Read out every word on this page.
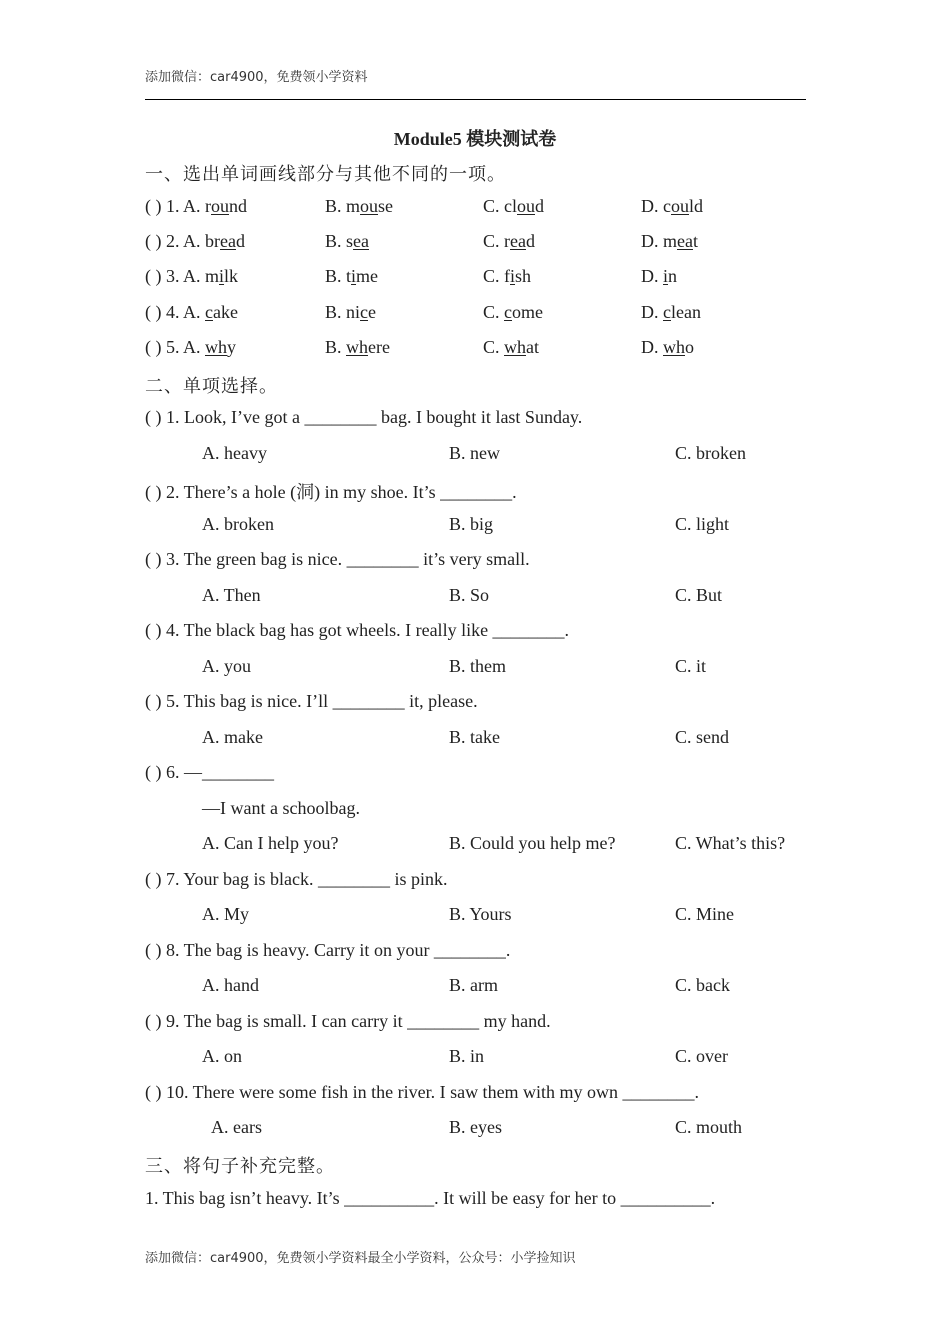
添加微信：car4900，免费领小学资料
Module5 模块测试卷
一、选出单词画线部分与其他不同的一项。
( ) 1. A. round	B. mouse	C. cloud	D. could
( ) 2. A. bread	B. sea	C. read	D. meat
( ) 3. A. milk	B. time	C. fish	D. in
( ) 4. A. cake	B. nice	C. come	D. clean
( ) 5. A. why	B. where	C. what	D. who
二、单项选择。
( ) 1. Look, I’ve got a ________ bag. I bought it last Sunday.
A. heavy	B. new	C. broken
( ) 2. There’s a hole (洞) in my shoe. It’s ________.
A. broken	B. big	C. light
( ) 3. The green bag is nice. ________ it’s very small.
A. Then	B. So	C. But
( ) 4. The black bag has got wheels. I really like ________.
A. you	B. them	C. it
( ) 5. This bag is nice. I’ll ________ it, please.
A. make	B. take	C. send
( ) 6. —________
—I want a schoolbag.
A. Can I help you?	B. Could you help me?	C. What’s this?
( ) 7. Your bag is black. ________ is pink.
A. My	B. Yours	C. Mine
( ) 8. The bag is heavy. Carry it on your ________.
A. hand	B. arm	C. back
( ) 9. The bag is small. I can carry it ________ my hand.
A. on	B. in	C. over
( ) 10. There were some fish in the river. I saw them with my own ________.
A. ears	B. eyes	C. mouth
三、将句子补充完整。
1. This bag isn’t heavy. It’s __________. It will be easy for her to __________.
添加微信：car4900，免费领小学资料最全小学资料，公众号：小学捡知识
